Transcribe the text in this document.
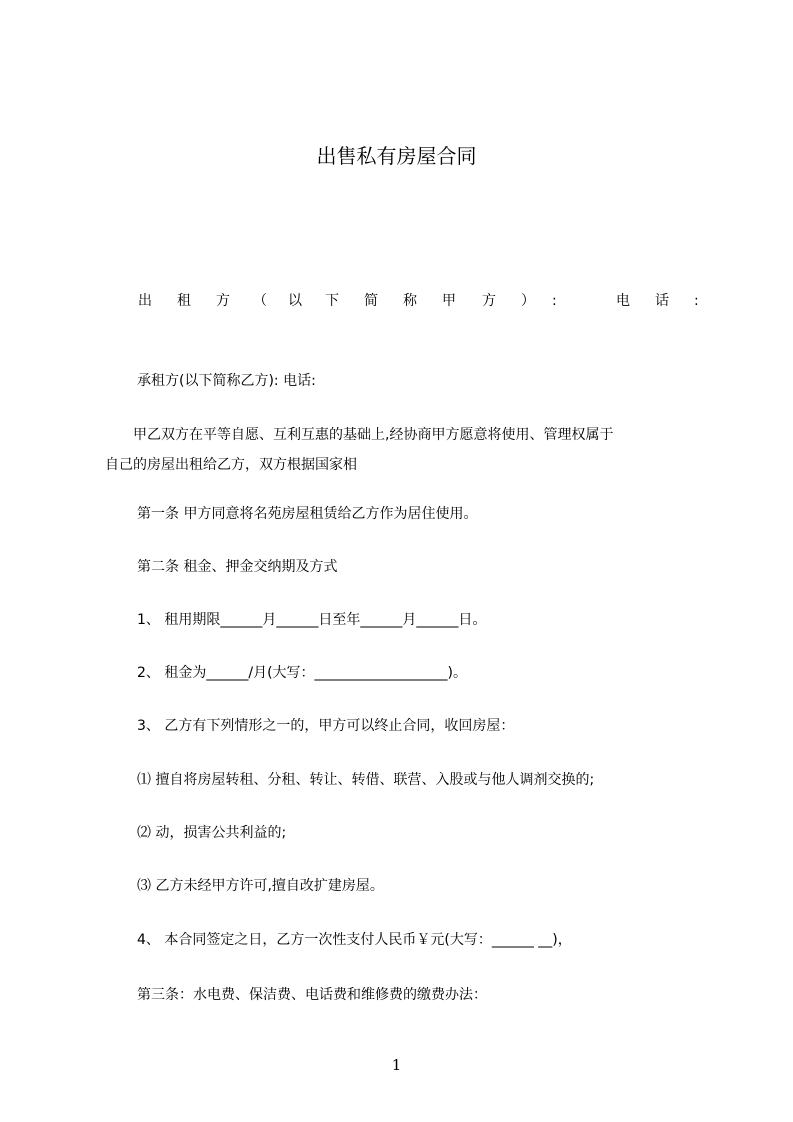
出售私有房屋合同
出 租 方 （ 以 下 简 称 甲 方 ） :	电 话 :
承租方(以下简称乙方): 电话:
甲乙双方在平等自愿、互利互惠的基础上,经协商甲方愿意将使用、管理权属于
自己的房屋出租给乙方，双方根据国家相
第一条 甲方同意将名苑房屋租赁给乙方作为居住使用。
第二条 租金、押金交纳期及方式
1、 租用期限______月______日至年______月______日。
2、 租金为______/月(大写：___________________)。
3、 乙方有下列情形之一的，甲方可以终止合同，收回房屋：
⑴ 擅自将房屋转租、分租、转让、转借、联营、入股或与他人调剂交换的;
⑵ 动，损害公共利益的;
⑶ 乙方未经甲方许可,擅自改扩建房屋。
4、 本合同签定之日，乙方一次性支付人民币￥元(大写：______ __)，
第三条：水电费、保洁费、电话费和维修费的缴费办法：
1
